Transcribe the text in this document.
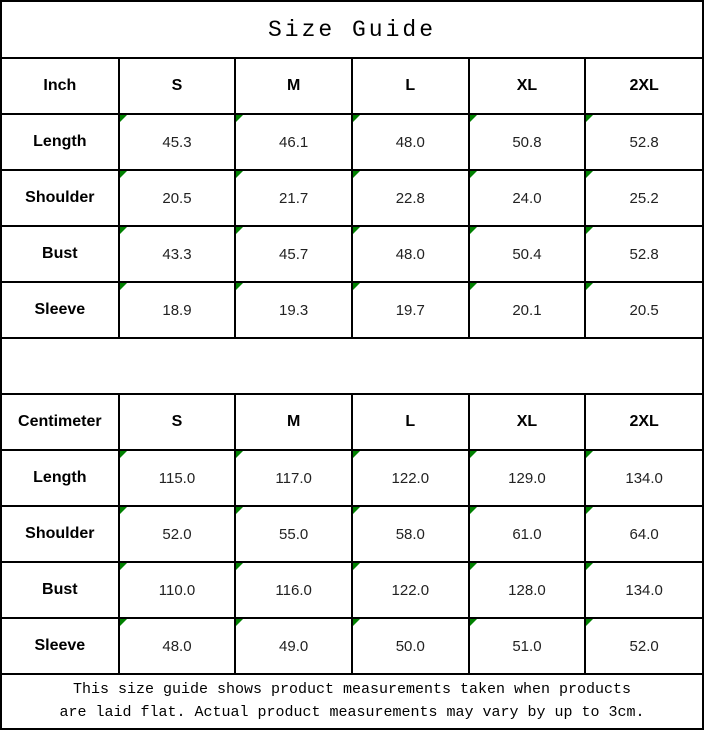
Size Guide
Inch	S	M	L	XL	2XL
Length	45.3	46.1	48.0	50.8	52.8
Shoulder	20.5	21.7	22.8	24.0	25.2
Bust	43.3	45.7	48.0	50.4	52.8
Sleeve	18.9	19.3	19.7	20.1	20.5
Centimeter	S	M	L	XL	2XL
Length	115.0	117.0	122.0	129.0	134.0
Shoulder	52.0	55.0	58.0	61.0	64.0
Bust	110.0	116.0	122.0	128.0	134.0
Sleeve	48.0	49.0	50.0	51.0	52.0
This size guide shows product measurements taken when products
are laid flat. Actual product measurements may vary by up to 3cm.
